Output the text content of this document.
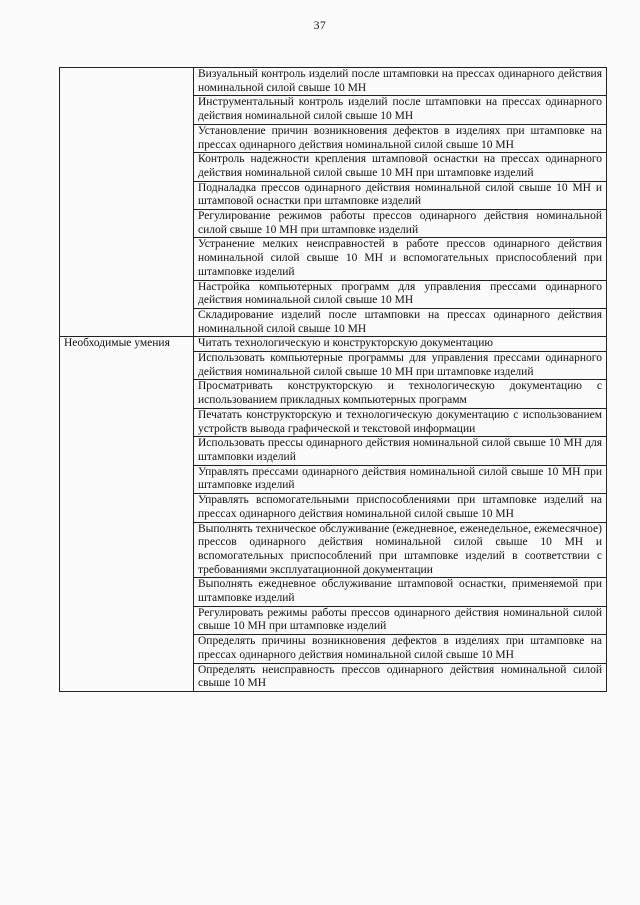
37
	Визуальный контроль изделий после штамповки на прессах одинарного действия номинальной силой свыше 10 МН
	Инструментальный контроль изделий после штамповки на прессах одинарного действия номинальной силой свыше 10 МН
	Установление причин возникновения дефектов в изделиях при штамповке на прессах одинарного действия номинальной силой свыше 10 МН
	Контроль надежности крепления штамповой оснастки на прессах одинарного действия номинальной силой свыше 10 МН при штамповке изделий
	Подналадка прессов одинарного действия номинальной силой свыше 10 МН и штамповой оснастки при штамповке изделий
	Регулирование режимов работы прессов одинарного действия номинальной силой свыше 10 МН при штамповке изделий
	Устранение мелких неисправностей в работе прессов одинарного действия номинальной силой свыше 10 МН и вспомогательных приспособлений при штамповке изделий
	Настройка компьютерных программ для управления прессами одинарного действия номинальной силой свыше 10 МН
	Складирование изделий после штамповки на прессах одинарного действия номинальной силой свыше 10 МН
Необходимые умения	Читать технологическую и конструкторскую документацию
	Использовать компьютерные программы для управления прессами одинарного действия номинальной силой свыше 10 МН при штамповке изделий
	Просматривать конструкторскую и технологическую документацию с использованием прикладных компьютерных программ
	Печатать конструкторскую и технологическую документацию с использованием устройств вывода графической и текстовой информации
	Использовать прессы одинарного действия номинальной силой свыше 10 МН для штамповки изделий
	Управлять прессами одинарного действия номинальной силой свыше 10 МН при штамповке изделий
	Управлять вспомогательными приспособлениями при штамповке изделий на прессах одинарного действия номинальной силой свыше 10 МН
	Выполнять техническое обслуживание (ежедневное, еженедельное, ежемесячное) прессов одинарного действия номинальной силой свыше 10 МН и вспомогательных приспособлений при штамповке изделий в соответствии с требованиями эксплуатационной документации
	Выполнять ежедневное обслуживание штамповой оснастки, применяемой при штамповке изделий
	Регулировать режимы работы прессов одинарного действия номинальной силой свыше 10 МН при штамповке изделий
	Определять причины возникновения дефектов в изделиях при штамповке на прессах одинарного действия номинальной силой свыше 10 МН
	Определять неисправность прессов одинарного действия номинальной силой свыше 10 МН
